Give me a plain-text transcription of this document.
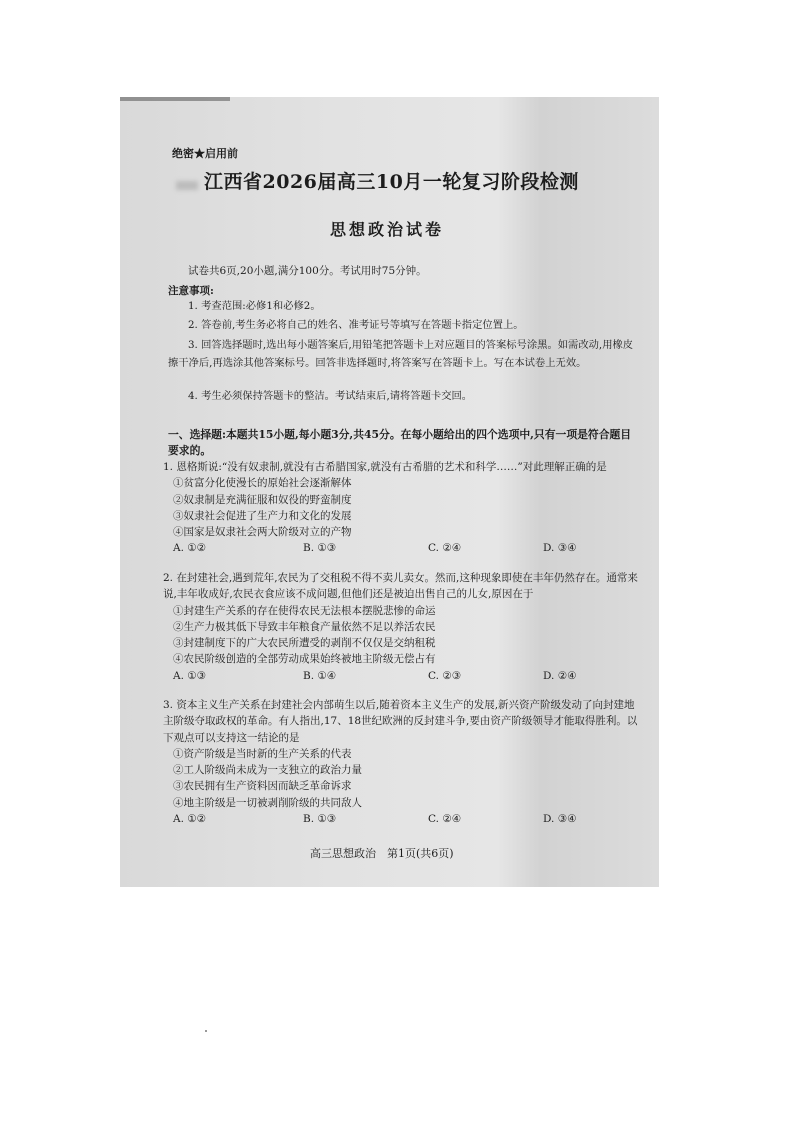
绝密★启用前
江西省2026届高三10月一轮复习阶段检测
思想政治试卷
试卷共6页,20小题,满分100分。考试用时75分钟。
注意事项:
1. 考查范围:必修1和必修2。
2. 答卷前,考生务必将自己的姓名、准考证号等填写在答题卡指定位置上。
3. 回答选择题时,选出每小题答案后,用铅笔把答题卡上对应题目的答案标号涂黑。如需改动,用橡皮擦干净后,再选涂其他答案标号。回答非选择题时,将答案写在答题卡上。写在本试卷上无效。
4. 考生必须保持答题卡的整洁。考试结束后,请将答题卡交回。
一、选择题:本题共15小题,每小题3分,共45分。在每小题给出的四个选项中,只有一项是符合题目要求的。
1. 恩格斯说:“没有奴隶制,就没有古希腊国家,就没有古希腊的艺术和科学……”对此理解正确的是
①贫富分化使漫长的原始社会逐渐解体
②奴隶制是充满征服和奴役的野蛮制度
③奴隶社会促进了生产力和文化的发展
④国家是奴隶社会两大阶级对立的产物
A. ①②	B. ①③	C. ②④	D. ③④
2. 在封建社会,遇到荒年,农民为了交租税不得不卖儿卖女。然而,这种现象即使在丰年仍然存在。通常来说,丰年收成好,农民衣食应该不成问题,但他们还是被迫出售自己的儿女,原因在于
①封建生产关系的存在使得农民无法根本摆脱悲惨的命运
②生产力极其低下导致丰年粮食产量依然不足以养活农民
③封建制度下的广大农民所遭受的剥削不仅仅是交纳租税
④农民阶级创造的全部劳动成果始终被地主阶级无偿占有
A. ①③	B. ①④	C. ②③	D. ②④
3. 资本主义生产关系在封建社会内部萌生以后,随着资本主义生产的发展,新兴资产阶级发动了向封建地主阶级夺取政权的革命。有人指出,17、18世纪欧洲的反封建斗争,要由资产阶级领导才能取得胜利。以下观点可以支持这一结论的是
①资产阶级是当时新的生产关系的代表
②工人阶级尚未成为一支独立的政治力量
③农民拥有生产资料因而缺乏革命诉求
④地主阶级是一切被剥削阶级的共同敌人
A. ①②	B. ①③	C. ②④	D. ③④
高三思想政治　第1页(共6页)
